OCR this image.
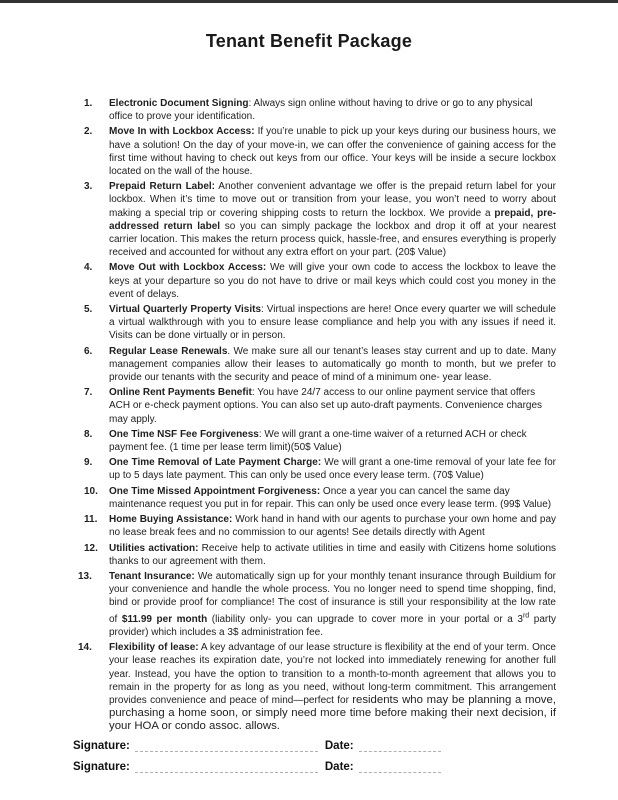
Tenant Benefit Package
1. Electronic Document Signing: Always sign online without having to drive or go to any physical office to prove your identification.
2. Move In with Lockbox Access: If you’re unable to pick up your keys during our business hours, we have a solution! On the day of your move-in, we can offer the convenience of gaining access for the first time without having to check out keys from our office. Your keys will be inside a secure lockbox located on the wall of the house.
3. Prepaid Return Label: Another convenient advantage we offer is the prepaid return label for your lockbox. When it’s time to move out or transition from your lease, you won’t need to worry about making a special trip or covering shipping costs to return the lockbox. We provide a prepaid, pre-addressed return label so you can simply package the lockbox and drop it off at your nearest carrier location. This makes the return process quick, hassle-free, and ensures everything is properly received and accounted for without any extra effort on your part. (20$ Value)
4. Move Out with Lockbox Access: We will give your own code to access the lockbox to leave the keys at your departure so you do not have to drive or mail keys which could cost you money in the event of delays.
5. Virtual Quarterly Property Visits: Virtual inspections are here! Once every quarter we will schedule a virtual walkthrough with you to ensure lease compliance and help you with any issues if need it. Visits can be done virtually or in person.
6. Regular Lease Renewals. We make sure all our tenant’s leases stay current and up to date. Many management companies allow their leases to automatically go month to month, but we prefer to provide our tenants with the security and peace of mind of a minimum one- year lease.
7. Online Rent Payments Benefit: You have 24/7 access to our online payment service that offers ACH or e-check payment options. You can also set up auto-draft payments. Convenience charges may apply.
8. One Time NSF Fee Forgiveness: We will grant a one-time waiver of a returned ACH or check payment fee. (1 time per lease term limit)(50$ Value)
9. One Time Removal of Late Payment Charge: We will grant a one-time removal of your late fee for up to 5 days late payment. This can only be used once every lease term. (70$ Value)
10. One Time Missed Appointment Forgiveness: Once a year you can cancel the same day maintenance request you put in for repair. This can only be used once every lease term. (99$ Value)
11. Home Buying Assistance: Work hand in hand with our agents to purchase your own home and pay no lease break fees and no commission to our agents! See details directly with Agent
12. Utilities activation: Receive help to activate utilities in time and easily with Citizens home solutions thanks to our agreement with them.
13. Tenant Insurance: We automatically sign up for your monthly tenant insurance through Buildium for your convenience and handle the whole process. You no longer need to spend time shopping, find, bind or provide proof for compliance! The cost of insurance is still your responsibility at the low rate of $11.99 per month (liability only- you can upgrade to cover more in your portal or a 3rd party provider) which includes a 3$ administration fee.
14. Flexibility of lease: A key advantage of our lease structure is flexibility at the end of your term. Once your lease reaches its expiration date, you’re not locked into immediately renewing for another full year. Instead, you have the option to transition to a month-to-month agreement that allows you to remain in the property for as long as you need, without long-term commitment. This arrangement provides convenience and peace of mind—perfect for residents who may be planning a move, purchasing a home soon, or simply need more time before making their next decision, if your HOA or condo assoc. allows.
Signature:	Date:
Signature:	Date:
